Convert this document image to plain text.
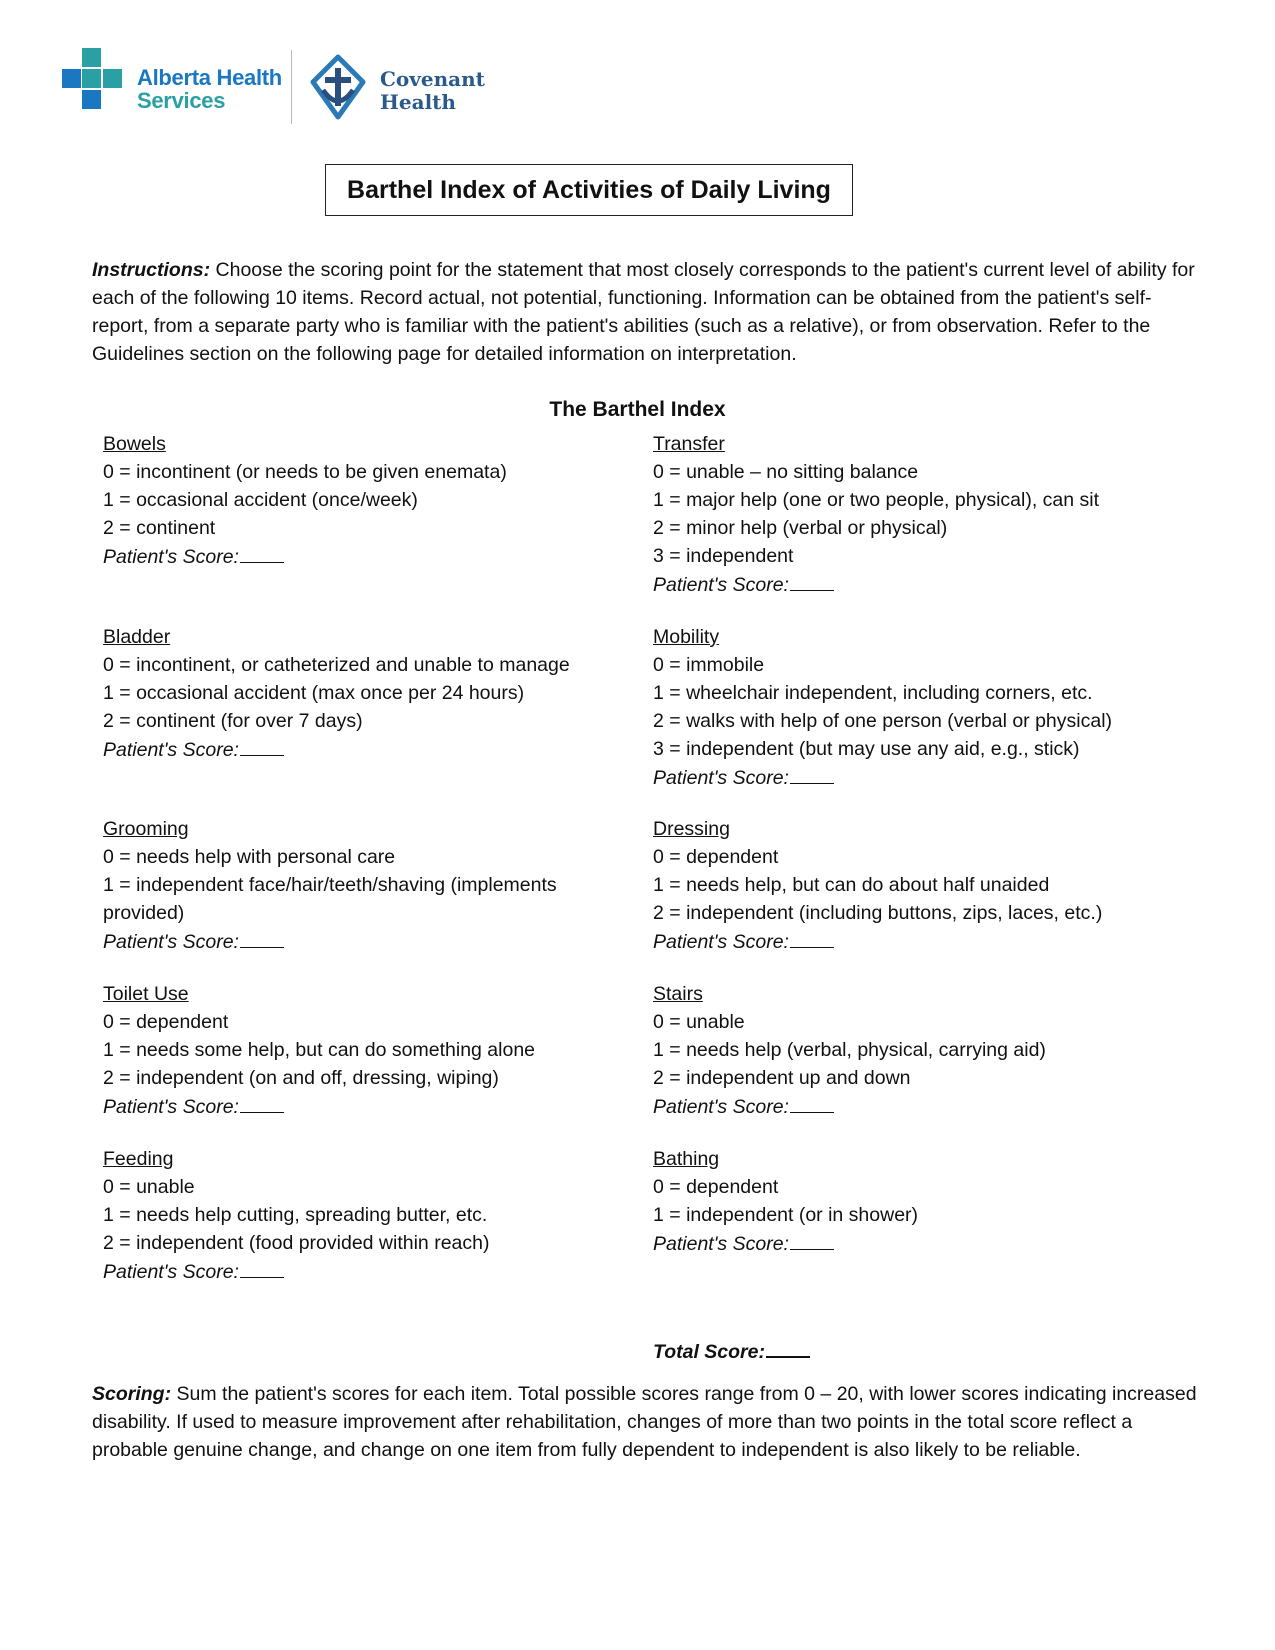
Alberta Health
Services
Covenant
Health
Barthel Index of Activities of Daily Living

Instructions: Choose the scoring point for the statement that most closely corresponds to the patient's current level of ability for each of the following 10 items. Record actual, not potential, functioning. Information can be obtained from the patient's self-report, from a separate party who is familiar with the patient's abilities (such as a relative), or from observation. Refer to the Guidelines section on the following page for detailed information on interpretation.

The Barthel Index
Bowels
0 = incontinent (or needs to be given enemata)
1 = occasional accident (once/week)
2 = continent
Patient's Score:
Bladder
0 = incontinent, or catheterized and unable to manage
1 = occasional accident (max once per 24 hours)
2 = continent (for over 7 days)
Patient's Score:
Grooming
0 = needs help with personal care
1 = independent face/hair/teeth/shaving (implements provided)
Patient's Score:
Toilet Use
0 = dependent
1 = needs some help, but can do something alone
2 = independent (on and off, dressing, wiping)
Patient's Score:
Feeding
0 = unable
1 = needs help cutting, spreading butter, etc.
2 = independent (food provided within reach)
Patient's Score:
Transfer
0 = unable – no sitting balance
1 = major help (one or two people, physical), can sit
2 = minor help (verbal or physical)
3 = independent
Patient's Score:
Mobility
0 = immobile
1 = wheelchair independent, including corners, etc.
2 = walks with help of one person (verbal or physical)
3 = independent (but may use any aid, e.g., stick)
Patient's Score:
Dressing
0 = dependent
1 = needs help, but can do about half unaided
2 = independent (including buttons, zips, laces, etc.)
Patient's Score:
Stairs
0 = unable
1 = needs help (verbal, physical, carrying aid)
2 = independent up and down
Patient's Score:
Bathing
0 = dependent
1 = independent (or in shower)
Patient's Score:
Total Score:

Scoring: Sum the patient's scores for each item. Total possible scores range from 0 – 20, with lower scores indicating increased disability. If used to measure improvement after rehabilitation, changes of more than two points in the total score reflect a probable genuine change, and change on one item from fully dependent to independent is also likely to be reliable.
